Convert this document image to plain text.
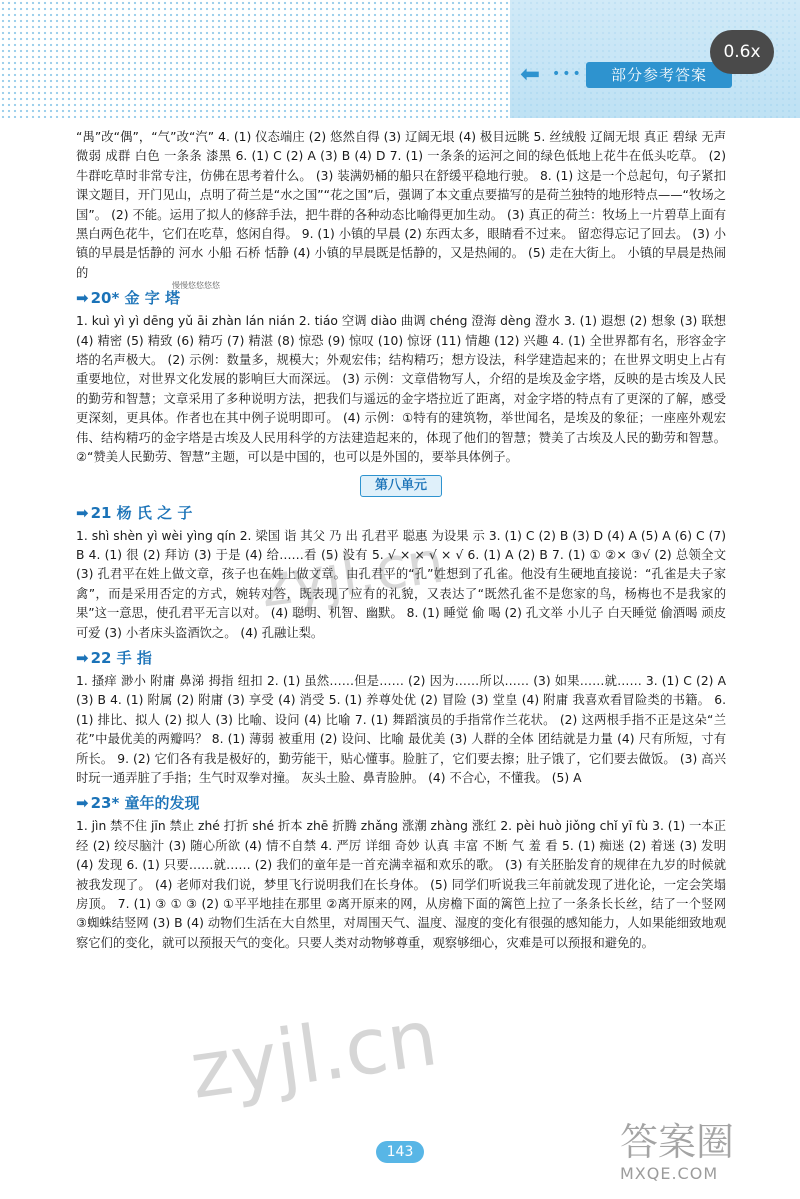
⬅ •••	部分参考答案
0.6x

“禺”改“偶”，“气”改“汽” 4. (1) 仪态端庄 (2) 悠然自得 (3) 辽阔无垠 (4) 极目远眺 5. 丝绒般 辽阔无垠 真正 碧绿 无声 微弱 成群 白色 一条条 漆黑 6. (1) C (2) A (3) B (4) D 7. (1) 一条条的运河之间的绿色低地上花牛在低头吃草。 (2) 牛群吃草时非常专注，仿佛在思考着什么。 (3) 装满奶桶的船只在舒缓平稳地行驶。 8. (1) 这是一个总起句，句子紧扣课文题目，开门见山，点明了荷兰是“水之国”“花之国”后，强调了本文重点要描写的是荷兰独特的地形特点——“牧场之国”。 (2) 不能。运用了拟人的修辞手法，把牛群的各种动态比喻得更加生动。 (3) 真正的荷兰：牧场上一片碧草上面有黑白两色花牛，它们在吃草，悠闲自得。 9. (1) 小镇的早晨 (2) 东西太多，眼睛看不过来。 留恋得忘记了回去。 (3) 小镇的早晨是恬静的 河水 小船 石桥 恬静 (4) 小镇的早晨既是恬静的，又是热闹的。 (5) 走在大街上。 小镇的早晨是热闹的

➡ 20* 金 字 塔

1. kuì yì yì dēng yǔ āi zhàn lán nián 2. tiáo 空调 diào 曲调 chéng 澄海 dèng 澄水 3. (1) 遐想 (2) 想象 (3) 联想 (4) 精密 (5) 精致 (6) 精巧 (7) 精湛 (8) 惊恐 (9) 惊叹 (10) 惊讶 (11) 情趣 (12) 兴趣 4. (1) 全世界都有名，形容金字塔的名声极大。 (2) 示例：数量多，规模大；外观宏伟；结构精巧；想方设法，科学建造起来的；在世界文明史上占有重要地位，对世界文化发展的影响巨大而深远。 (3) 示例：文章借物写人，介绍的是埃及金字塔，反映的是古埃及人民的勤劳和智慧；文章采用了多种说明方法，把我们与遥远的金字塔拉近了距离，对金字塔的特点有了更深的了解，感受更深刻，更具体。作者也在其中例子说明即可。 (4) 示例：①特有的建筑物，举世闻名，是埃及的象征；一座座外观宏伟、结构精巧的金字塔是古埃及人民用科学的方法建造起来的，体现了他们的智慧；赞美了古埃及人民的勤劳和智慧。②“赞美人民勤劳、智慧”主题，可以是中国的，也可以是外国的，要举具体例子。

第八单元
➡ 21 杨 氏 之 子

1. shì shèn yì wèi yìng qín 2. 梁国 诣 其父 乃 出 孔君平 聪惠 为设果 示 3. (1) C (2) B (3) D (4) A (5) A (6) C (7) B 4. (1) 很 (2) 拜访 (3) 于是 (4) 给……看 (5) 没有 5. √ × × √ × √ 6. (1) A (2) B 7. (1) ① ②× ③√ (2) 总领全文 (3) 孔君平在姓上做文章，孩子也在姓上做文章。由孔君平的“孔”姓想到了孔雀。他没有生硬地直接说：“孔雀是夫子家禽”，而是采用否定的方式，婉转对答，既表现了应有的礼貌，又表达了“既然孔雀不是您家的鸟，杨梅也不是我家的果”这一意思，使孔君平无言以对。 (4) 聪明、机智、幽默。 8. (1) 睡觉 偷 喝 (2) 孔文举 小儿子 白天睡觉 偷酒喝 顽皮可爱 (3) 小者床头盗酒饮之。 (4) 孔融让梨。

➡ 22 手 指

1. 搔痒 渺小 附庸 鼻涕 拇指 纽扣 2. (1) 虽然……但是…… (2) 因为……所以…… (3) 如果……就…… 3. (1) C (2) A (3) B 4. (1) 附属 (2) 附庸 (3) 享受 (4) 消受 5. (1) 养尊处优 (2) 冒险 (3) 堂皇 (4) 附庸 我喜欢看冒险类的书籍。 6. (1) 排比、拟人 (2) 拟人 (3) 比喻、设问 (4) 比喻 7. (1) 舞蹈演员的手指常作兰花状。 (2) 这两根手指不正是这朵“兰花”中最优美的两瓣吗？ 8. (1) 薄弱 被重用 (2) 设问、比喻 最优美 (3) 人群的全体 团结就是力量 (4) 尺有所短，寸有所长。 9. (2) 它们各有我是极好的，勤劳能干，贴心懂事。脸脏了，它们要去擦；肚子饿了，它们要去做饭。 (3) 高兴时玩一通弄脏了手指；生气时双拳对撞。 灰头土脸、鼻青脸肿。 (4) 不合心，不懂我。 (5) A

➡ 23* 童年的发现

1. jìn 禁不住 jīn 禁止 zhé 打折 shé 折本 zhē 折腾 zhǎng 涨潮 zhàng 涨红 2. pèi huò jiǒng chǐ yī fù 3. (1) 一本正经 (2) 绞尽脑汁 (3) 随心所欲 (4) 情不自禁 4. 严厉 详细 奇妙 认真 丰富 不断 气 羞 看 5. (1) 痴迷 (2) 着迷 (3) 发明 (4) 发现 6. (1) 只要……就…… (2) 我们的童年是一首充满幸福和欢乐的歌。 (3) 有关胚胎发育的规律在九岁的时候就被我发现了。 (4) 老师对我们说，梦里飞行说明我们在长身体。 (5) 同学们听说我三年前就发现了进化论，一定会笑塌房顶。 7. (1) ③ ① ③ (2) ①平平地挂在那里 ②离开原来的网，从房檐下面的篱笆上拉了一条条长长丝，结了一个竖网 ③蜘蛛结竖网 (3) B (4) 动物们生活在大自然里，对周围天气、温度、湿度的变化有很强的感知能力，人如果能细致地观察它们的变化，就可以预报天气的变化。只要人类对动物够尊重，观察够细心，灾难是可以预报和避免的。

慢慢悠悠悠悠
zyjl.cn
zyjl.cn
143	答案圈
MXQE.COM
